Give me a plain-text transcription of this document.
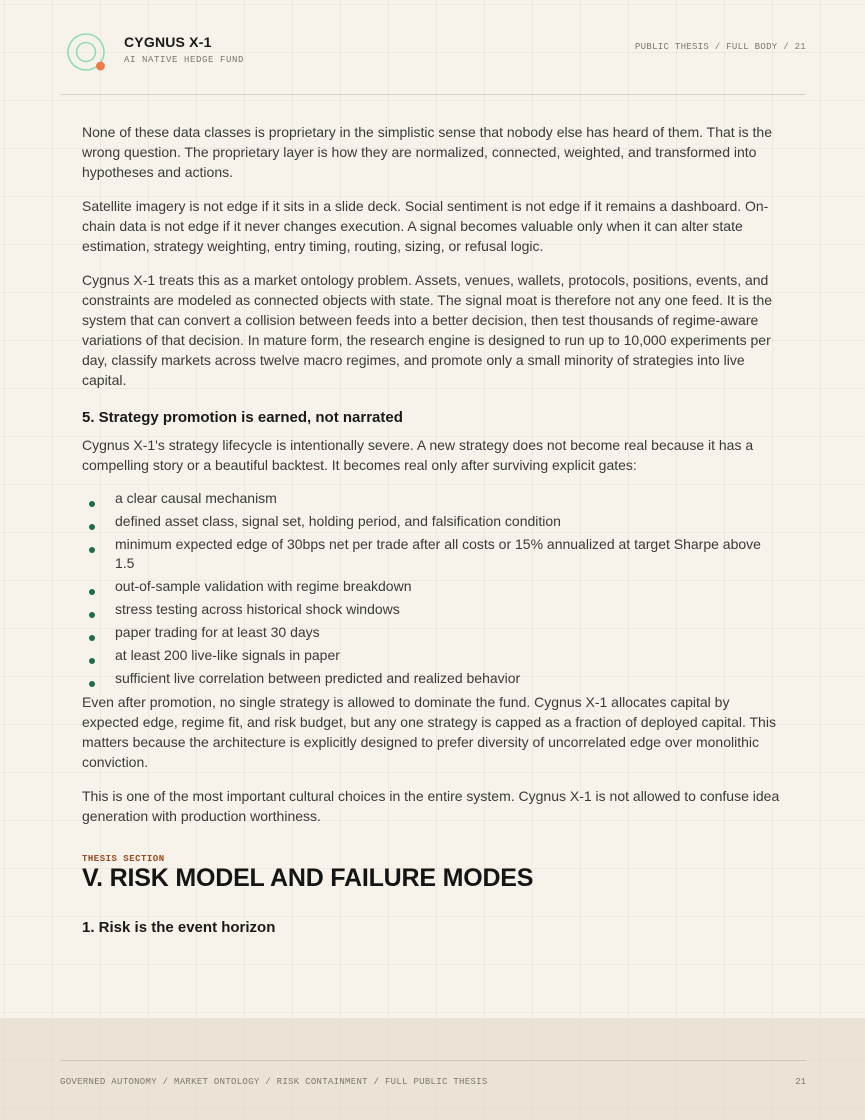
CYGNUS X-1
AI NATIVE HEDGE FUND
PUBLIC THESIS / FULL BODY / 21

None of these data classes is proprietary in the simplistic sense that nobody else has heard of them. That is the wrong question. The proprietary layer is how they are normalized, connected, weighted, and transformed into hypotheses and actions.

Satellite imagery is not edge if it sits in a slide deck. Social sentiment is not edge if it remains a dashboard. On-chain data is not edge if it never changes execution. A signal becomes valuable only when it can alter state estimation, strategy weighting, entry timing, routing, sizing, or refusal logic.

Cygnus X-1 treats this as a market ontology problem. Assets, venues, wallets, protocols, positions, events, and constraints are modeled as connected objects with state. The signal moat is therefore not any one feed. It is the system that can convert a collision between feeds into a better decision, then test thousands of regime-aware variations of that decision. In mature form, the research engine is designed to run up to 10,000 experiments per day, classify markets across twelve macro regimes, and promote only a small minority of strategies into live capital.

5. Strategy promotion is earned, not narrated

Cygnus X-1's strategy lifecycle is intentionally severe. A new strategy does not become real because it has a compelling story or a beautiful backtest. It becomes real only after surviving explicit gates:

a clear causal mechanism
defined asset class, signal set, holding period, and falsification condition
minimum expected edge of 30bps net per trade after all costs or 15% annualized at target Sharpe above 1.5
out-of-sample validation with regime breakdown
stress testing across historical shock windows
paper trading for at least 30 days
at least 200 live-like signals in paper
sufficient live correlation between predicted and realized behavior

Even after promotion, no single strategy is allowed to dominate the fund. Cygnus X-1 allocates capital by expected edge, regime fit, and risk budget, but any one strategy is capped as a fraction of deployed capital. This matters because the architecture is explicitly designed to prefer diversity of uncorrelated edge over monolithic conviction.

This is one of the most important cultural choices in the entire system. Cygnus X-1 is not allowed to confuse idea generation with production worthiness.

THESIS SECTION
V. RISK MODEL AND FAILURE MODES
1. Risk is the event horizon
GOVERNED AUTONOMY / MARKET ONTOLOGY / RISK CONTAINMENT / FULL PUBLIC THESIS	21
